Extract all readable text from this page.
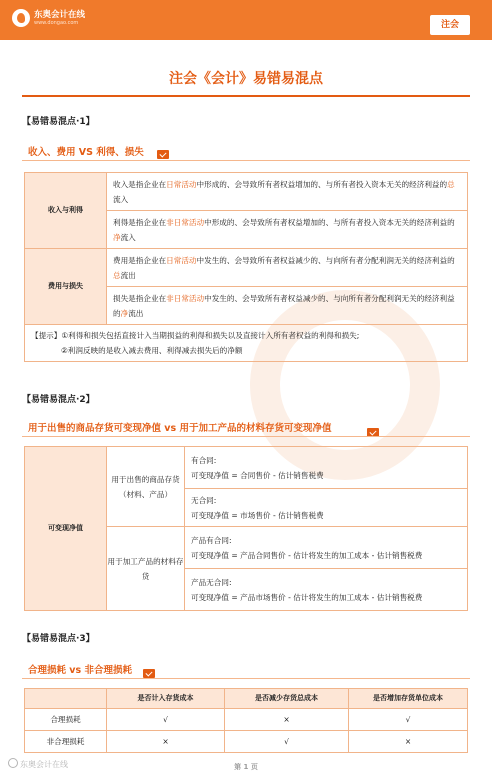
东奥会计在线
www.dongao.com	注会
注会《会计》易错易混点
【易错易混点·1】
收入、费用 VS 利得、损失
收入与利得	收入是指企业在日常活动中形成的、会导致所有者权益增加的、与所有者投入资本无关的经济利益的总流入
	利得是指企业在非日常活动中形成的、会导致所有者权益增加的、与所有者投入资本无关的经济利益的净流入
费用与损失	费用是指企业在日常活动中发生的、会导致所有者权益减少的、与向所有者分配利润无关的经济利益的总流出
	损失是指企业在非日常活动中发生的、会导致所有者权益减少的、与向所有者分配利润无关的经济利益的净流出
【提示】①利得和损失包括直接计入当期损益的利得和损失以及直接计入所有者权益的利得和损失;
②利润反映的是收入减去费用、利得减去损失后的净额	
【易错易混点·2】
用于出售的商品存货可变现净值 vs 用于加工产品的材料存货可变现净值
可变现净值	用于出售的商品存货（材料、产品）	有合同:
可变现净值 = 合同售价 - 估计销售税费
		无合同:
可变现净值 = 市场售价 - 估计销售税费
	用于加工产品的材料存货	产品有合同:
可变现净值 = 产品合同售价 - 估计将发生的加工成本 - 估计销售税费
		产品无合同:
可变现净值 = 产品市场售价 - 估计将发生的加工成本 - 估计销售税费
【易错易混点·3】
合理损耗 vs 非合理损耗
	是否计入存货成本	是否减少存货总成本	是否增加存货单位成本
合理损耗	√	×	√
非合理损耗	×	√	×
东奥会计在线	第 1 页
